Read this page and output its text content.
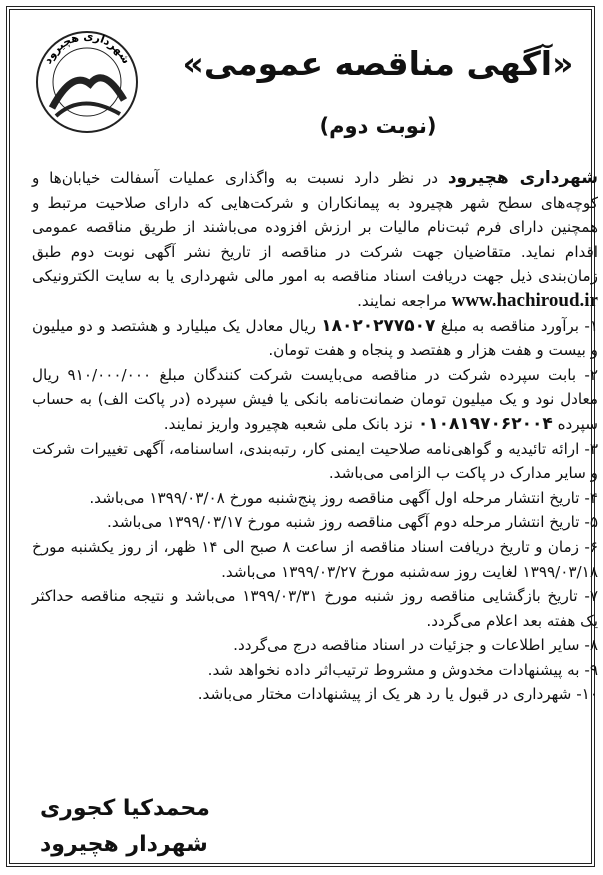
شهرداری هچیرود	«آگهی مناقصه عمومی»
(نوبت دوم)

شهرداری هچیرود در نظر دارد نسبت به واگذاری عملیات آسفالت خیابان‌ها و کوچه‌های سطح شهر هچیرود به پیمانکاران و شرکت‌هایی که دارای صلاحیت مرتبط و همچنین دارای فرم ثبت‌نام مالیات بر ارزش افزوده می‌باشند از طریق مناقصه عمومی اقدام نماید. متقاضیان جهت شرکت در مناقصه از تاریخ نشر آگهی نوبت دوم طبق زمان‌بندی ذیل جهت دریافت اسناد مناقصه به امور مالی شهرداری یا به سایت الکترونیکی www.hachiroud.ir مراجعه نمایند.

۱- برآورد مناقصه به مبلغ ۱۸۰۲۰۲۷۷۵۰۷ ریال معادل یک میلیارد و هشتصد و دو میلیون و بیست و هفت هزار و هفتصد و پنجاه و هفت تومان.

۲- بابت سپرده شرکت در مناقصه می‌بایست شرکت کنندگان مبلغ ۹۱۰/۰۰۰/۰۰۰ ریال معادل نود و یک میلیون تومان ضمانت‌نامه بانکی یا فیش سپرده (در پاکت الف) به حساب سپرده ۰۱۰۸۱۹۷۰۶۲۰۰۴ نزد بانک ملی شعبه هچیرود واریز نمایند.

۳- ارائه تائیدیه و گواهی‌نامه صلاحیت ایمنی کار، رتبه‌بندی، اساسنامه، آگهی تغییرات شرکت و سایر مدارک در پاکت ب الزامی می‌باشد.

۴- تاریخ انتشار مرحله اول آگهی مناقصه روز پنج‌شنبه مورخ ۱۳۹۹/۰۳/۰۸ می‌باشد.

۵- تاریخ انتشار مرحله دوم آگهی مناقصه روز شنبه مورخ ۱۳۹۹/۰۳/۱۷ می‌باشد.

۶- زمان و تاریخ دریافت اسناد مناقصه از ساعت ۸ صبح الی ۱۴ ظهر، از روز یکشنبه مورخ ۱۳۹۹/۰۳/۱۸ لغایت روز سه‌شنبه مورخ ۱۳۹۹/۰۳/۲۷ می‌باشد.

۷- تاریخ بازگشایی مناقصه روز شنبه مورخ ۱۳۹۹/۰۳/۳۱ می‌باشد و نتیجه مناقصه حداکثر یک هفته بعد اعلام می‌گردد.

۸- سایر اطلاعات و جزئیات در اسناد مناقصه درج می‌گردد.

۹- به پیشنهادات مخدوش و مشروط ترتیب‌اثر داده نخواهد شد.

۱۰- شهرداری در قبول یا رد هر یک از پیشنهادات مختار می‌باشد.

محمدکیا کجوری
شهردار هچیرود
